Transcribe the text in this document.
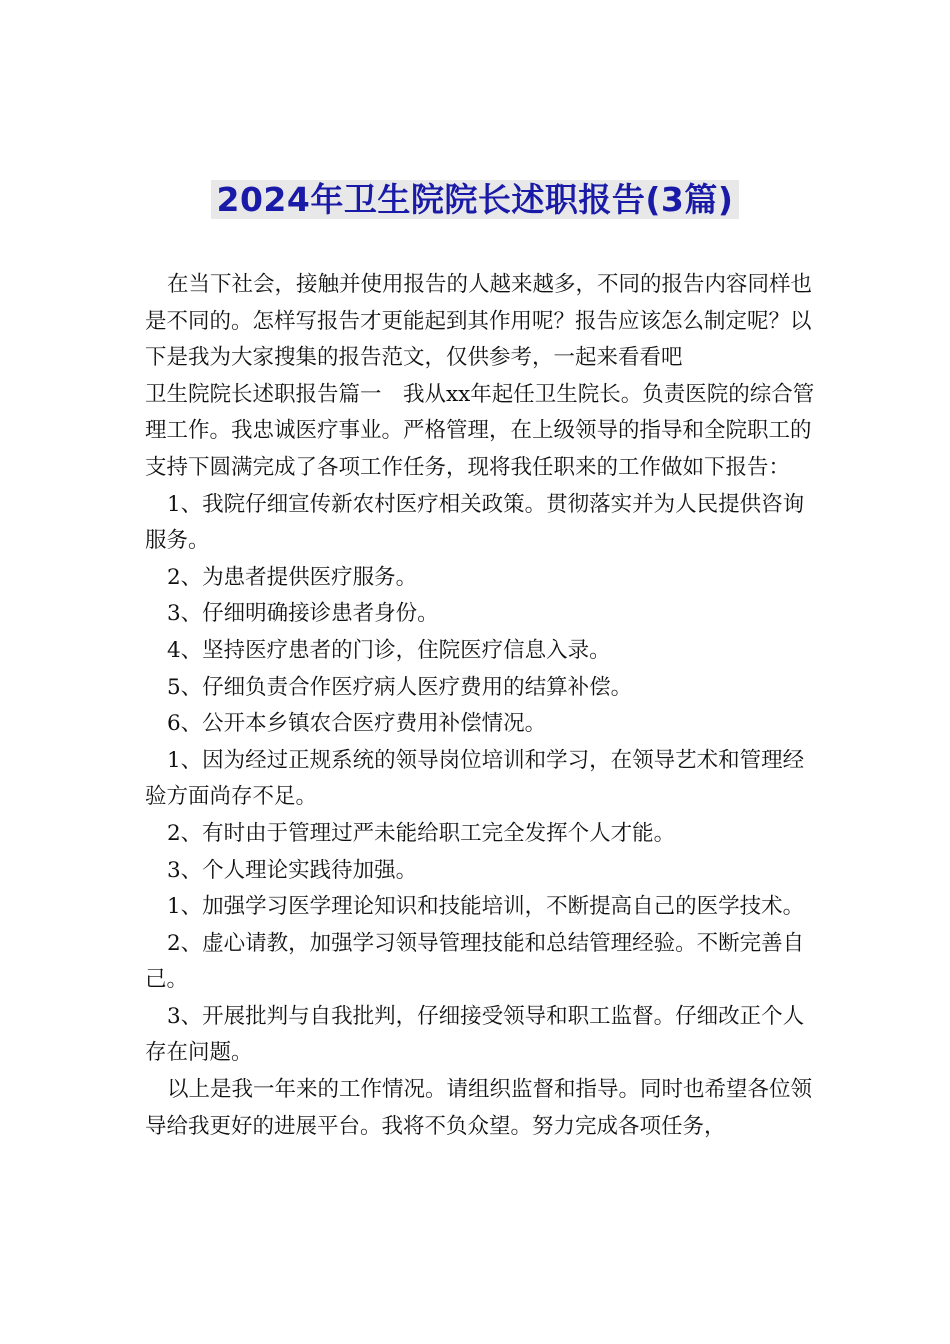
2024年卫生院院长述职报告(3篇)

在当下社会，接触并使用报告的人越来越多，不同的报告内容同样也是不同的。怎样写报告才更能起到其作用呢？报告应该怎么制定呢？以下是我为大家搜集的报告范文，仅供参考，一起来看看吧

卫生院院长述职报告篇一　我从xx年起任卫生院长。负责医院的综合管理工作。我忠诚医疗事业。严格管理，在上级领导的指导和全院职工的支持下圆满完成了各项工作任务，现将我任职来的工作做如下报告：

1、我院仔细宣传新农村医疗相关政策。贯彻落实并为人民提供咨询服务。

2、为患者提供医疗服务。

3、仔细明确接诊患者身份。

4、坚持医疗患者的门诊，住院医疗信息入录。

5、仔细负责合作医疗病人医疗费用的结算补偿。

6、公开本乡镇农合医疗费用补偿情况。

1、因为经过正规系统的领导岗位培训和学习，在领导艺术和管理经验方面尚存不足。

2、有时由于管理过严未能给职工完全发挥个人才能。

3、个人理论实践待加强。

1、加强学习医学理论知识和技能培训，不断提高自己的医学技术。

2、虚心请教，加强学习领导管理技能和总结管理经验。不断完善自己。

3、开展批判与自我批判，仔细接受领导和职工监督。仔细改正个人存在问题。

以上是我一年来的工作情况。请组织监督和指导。同时也希望各位领导给我更好的进展平台。我将不负众望。努力完成各项任务，
